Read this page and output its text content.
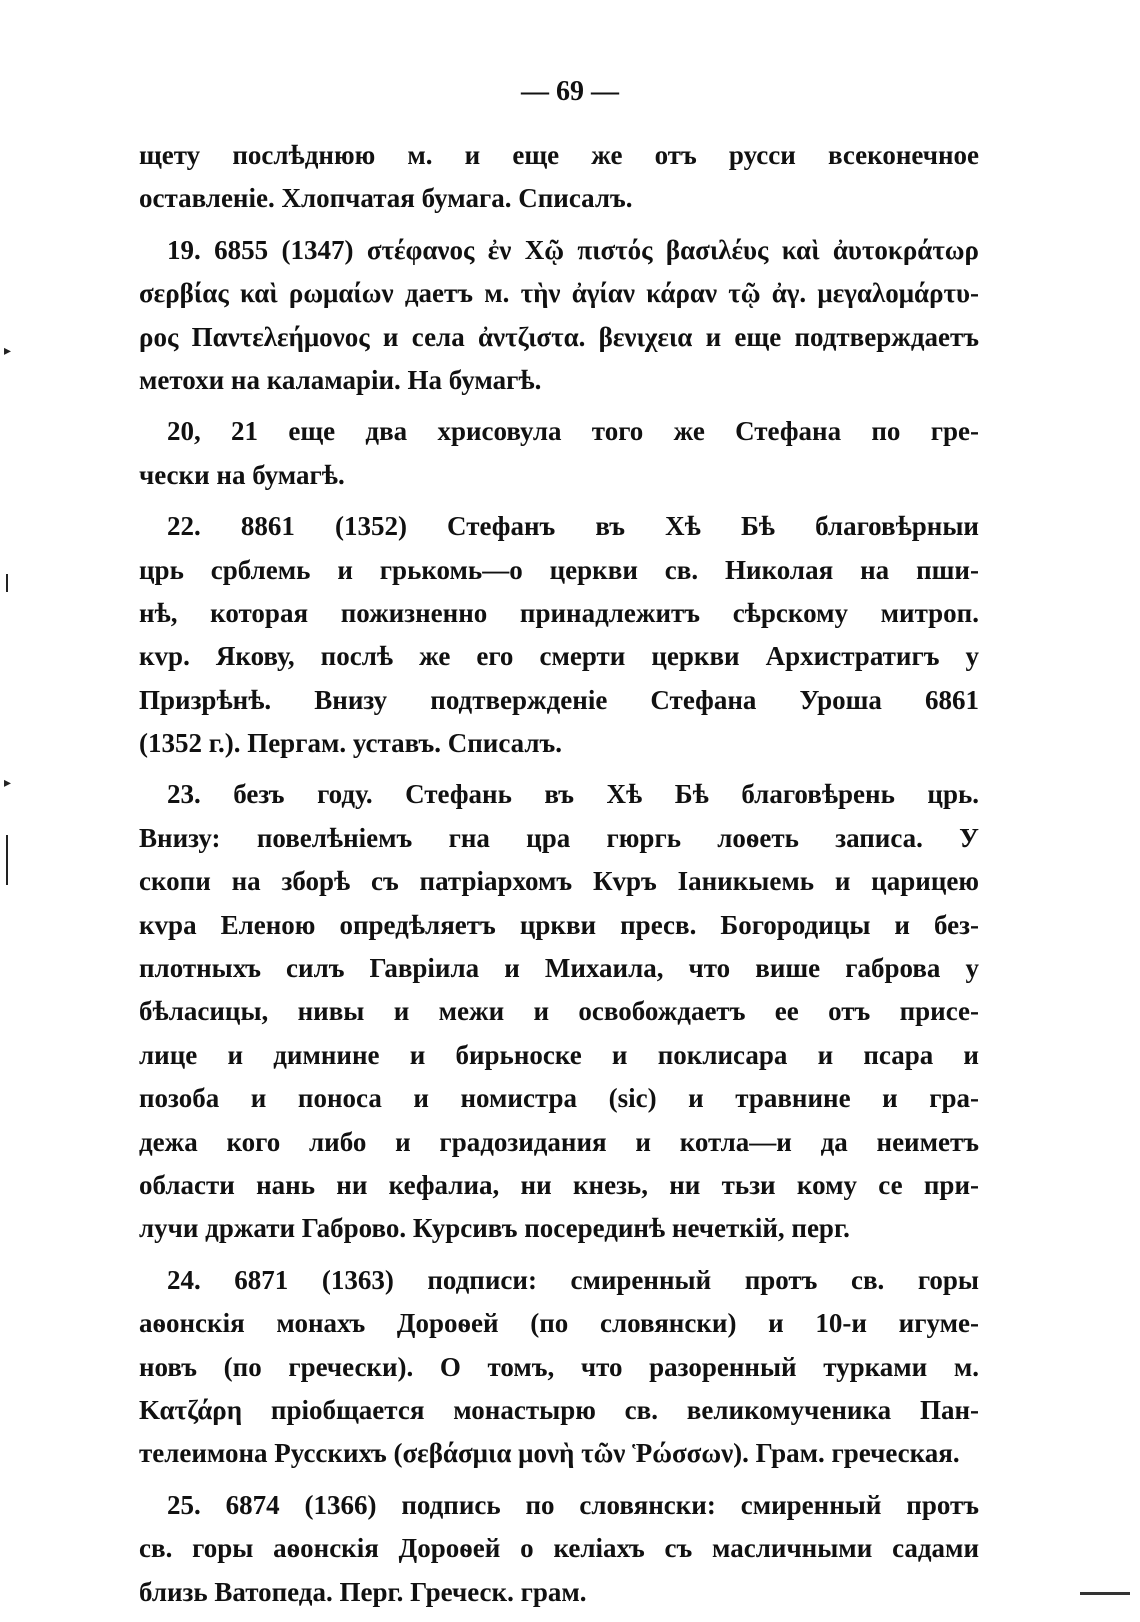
— 69 —
щету послѣднюю м. и еще же отъ русси всеконечное
оставленіе. Хлопчатая бумага. Списалъ.
19. 6855 (1347) στέφανος ἐν Χῷ πιστός βασιλέυς καὶ ἀυτοκράτωρ
σερβίας καὶ ρωμαίων даетъ м. τὴν ἀγίαν κάραν τῷ ἀγ. μεγαλομάρτυ-
ρος Παντελεήμονος и села ἀντζιστα. βενιχεια и еще подтверждаетъ
метохи на каламаріи. На бумагѣ.
20, 21 еще два хрисовула того же Стефана по гре-
чески на бумагѣ.
22. 8861 (1352) Стефанъ въ Хѣ Бѣ благовѣрныи
црь срблемь и грькомь—о церкви св. Николая на пши-
нѣ, которая пожизненно принадлежитъ сѣрскому митроп.
кvр. Якову, послѣ же его смерти церкви Архистратигъ у
Призрѣнѣ. Внизу подтвержденіе Стефана Уроша 6861
(1352 г.). Пергам. уставъ. Списалъ.
23. безъ году. Стефань въ Хѣ Бѣ благовѣрень црь.
Внизу: повелѣніемъ гна цра гюргь лоѳеть записа. У
скопи на зборѣ съ патріархомъ Кvръ Іаникыемь и царицею
кvра Еленою опредѣляетъ цркви пресв. Богородицы и без-
плотныхъ силъ Гавріила и Михаила, что више габрова у
бѣласицы, нивы и межи и освобождаетъ ее отъ присе-
лице и димнине и бирьноске и поклисара и псара и
позоба и поноса и номистра (sic) и травнине и гра-
дежа кого либо и градозидания и котла—и да неиметъ
области нань ни кефалиа, ни кнезь, ни тьзи кому се при-
лучи држати Габрово. Курсивъ посерединѣ нечеткій, перг.
24. 6871 (1363) подписи: смиренный протъ св. горы
аѳонскія монахъ Дороѳей (по словянски) и 10-и игуме-
новъ (по гречески). О томъ, что разоренный турками м.
Κατζάρη пріобщается монастырю св. великомученика Пан-
телеимона Русскихъ (σεβάσμια μονὴ τῶν Ῥώσσων). Грам. греческая.
25. 6874 (1366) подпись по словянски: смиренный протъ
св. горы аѳонскія Дороѳей о келіахъ съ масличными садами
близь Ватопеда. Перг. Греческ. грам.
▸
▸
